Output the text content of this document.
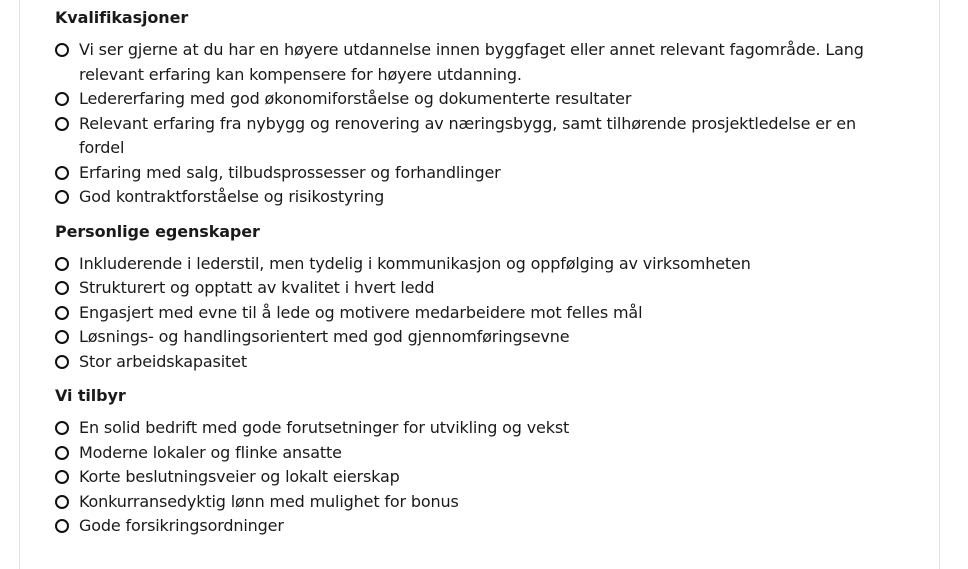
Kvalifikasjoner
Vi ser gjerne at du har en høyere utdannelse innen byggfaget eller annet relevant fagområde. Lang relevant erfaring kan kompensere for høyere utdanning.
Ledererfaring med god økonomiforståelse og dokumenterte resultater
Relevant erfaring fra nybygg og renovering av næringsbygg, samt tilhørende prosjektledelse er en fordel
Erfaring med salg, tilbudsprossesser og forhandlinger
God kontraktforståelse og risikostyring
Personlige egenskaper
Inkluderende i lederstil, men tydelig i kommunikasjon og oppfølging av virksomheten
Strukturert og opptatt av kvalitet i hvert ledd
Engasjert med evne til å lede og motivere medarbeidere mot felles mål
Løsnings- og handlingsorientert med god gjennomføringsevne
Stor arbeidskapasitet
Vi tilbyr
En solid bedrift med gode forutsetninger for utvikling og vekst
Moderne lokaler og flinke ansatte
Korte beslutningsveier og lokalt eierskap
Konkurransedyktig lønn med mulighet for bonus
Gode forsikringsordninger
